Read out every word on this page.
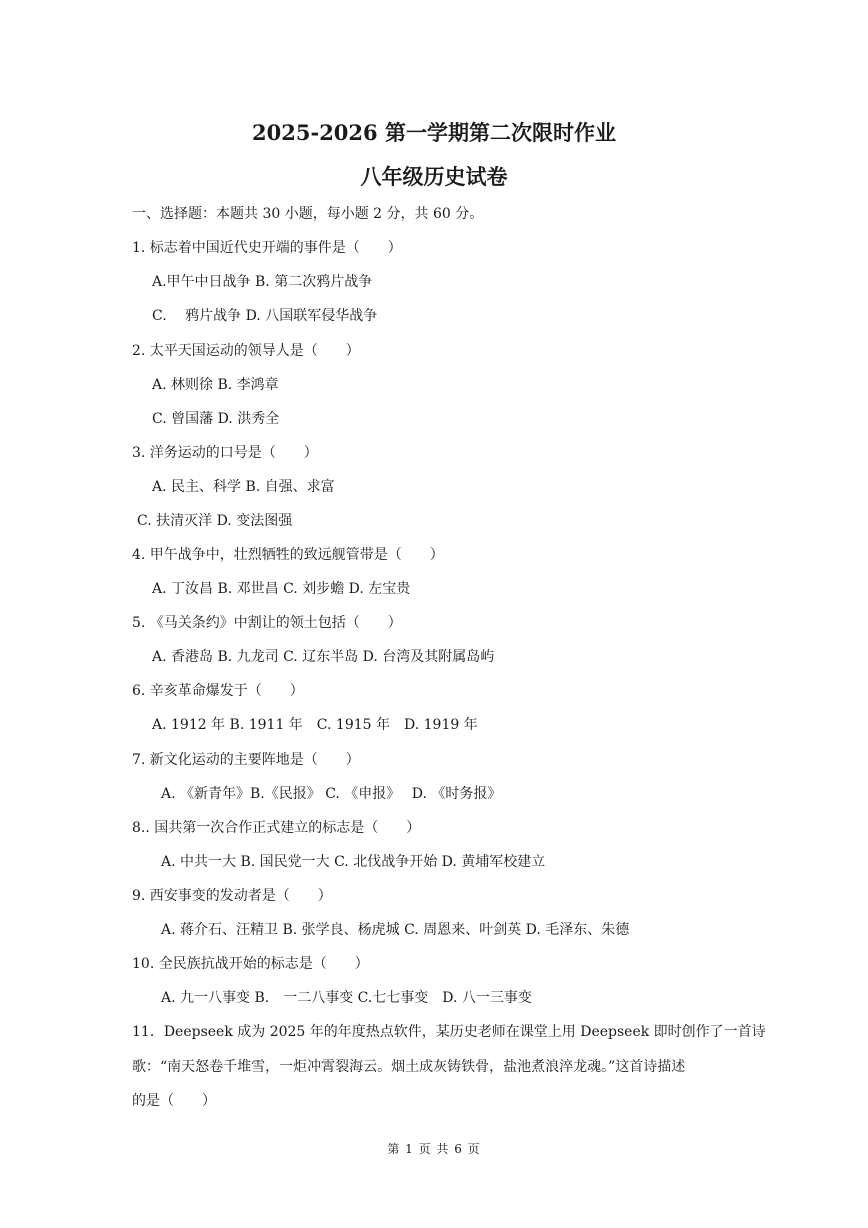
2025-2026 第一学期第二次限时作业
八年级历史试卷
一、选择题：本题共 30 小题，每小题 2 分，共 60 分。
1. 标志着中国近代史开端的事件是（　　）
A.甲午中日战争 B. 第二次鸦片战争
C.　 鸦片战争 D. 八国联军侵华战争
2. 太平天国运动的领导人是（　　）
A. 林则徐 B. 李鸿章
C. 曾国藩 D. 洪秀全
3. 洋务运动的口号是（　　）
A. 民主、科学 B. 自强、求富
C. 扶清灭洋 D. 变法图强
4. 甲午战争中，壮烈牺牲的致远舰管带是（　　）
A. 丁汝昌 B. 邓世昌 C. 刘步蟾 D. 左宝贵
5. 《马关条约》中割让的领土包括（　　）
A. 香港岛 B. 九龙司 C. 辽东半岛 D. 台湾及其附属岛屿
6. 辛亥革命爆发于（　　）
A. 1912 年 B. 1911 年　C. 1915 年　D. 1919 年
7. 新文化运动的主要阵地是（　　）
A. 《新青年》B.《民报》 C. 《申报》　 D. 《时务报》
8.. 国共第一次合作正式建立的标志是（　　）
A. 中共一大 B. 国民党一大 C. 北伐战争开始 D. 黄埔军校建立
9. 西安事变的发动者是（　　）
A. 蒋介石、汪精卫 B. 张学良、杨虎城 C. 周恩来、叶剑英 D. 毛泽东、朱德
10. 全民族抗战开始的标志是（　　）
A. 九一八事变 B.　一二八事变 C.七七事变　D. 八一三事变
11．Deepseek 成为 2025 年的年度热点软件，某历史老师在课堂上用 Deepseek 即时创作了一首诗
歌：“南天怒卷千堆雪，一炬冲霄裂海云。烟土成灰铸铁骨，盐池煮浪淬龙魂。”这首诗描述
的是（　　）
第 1 页 共 6 页
